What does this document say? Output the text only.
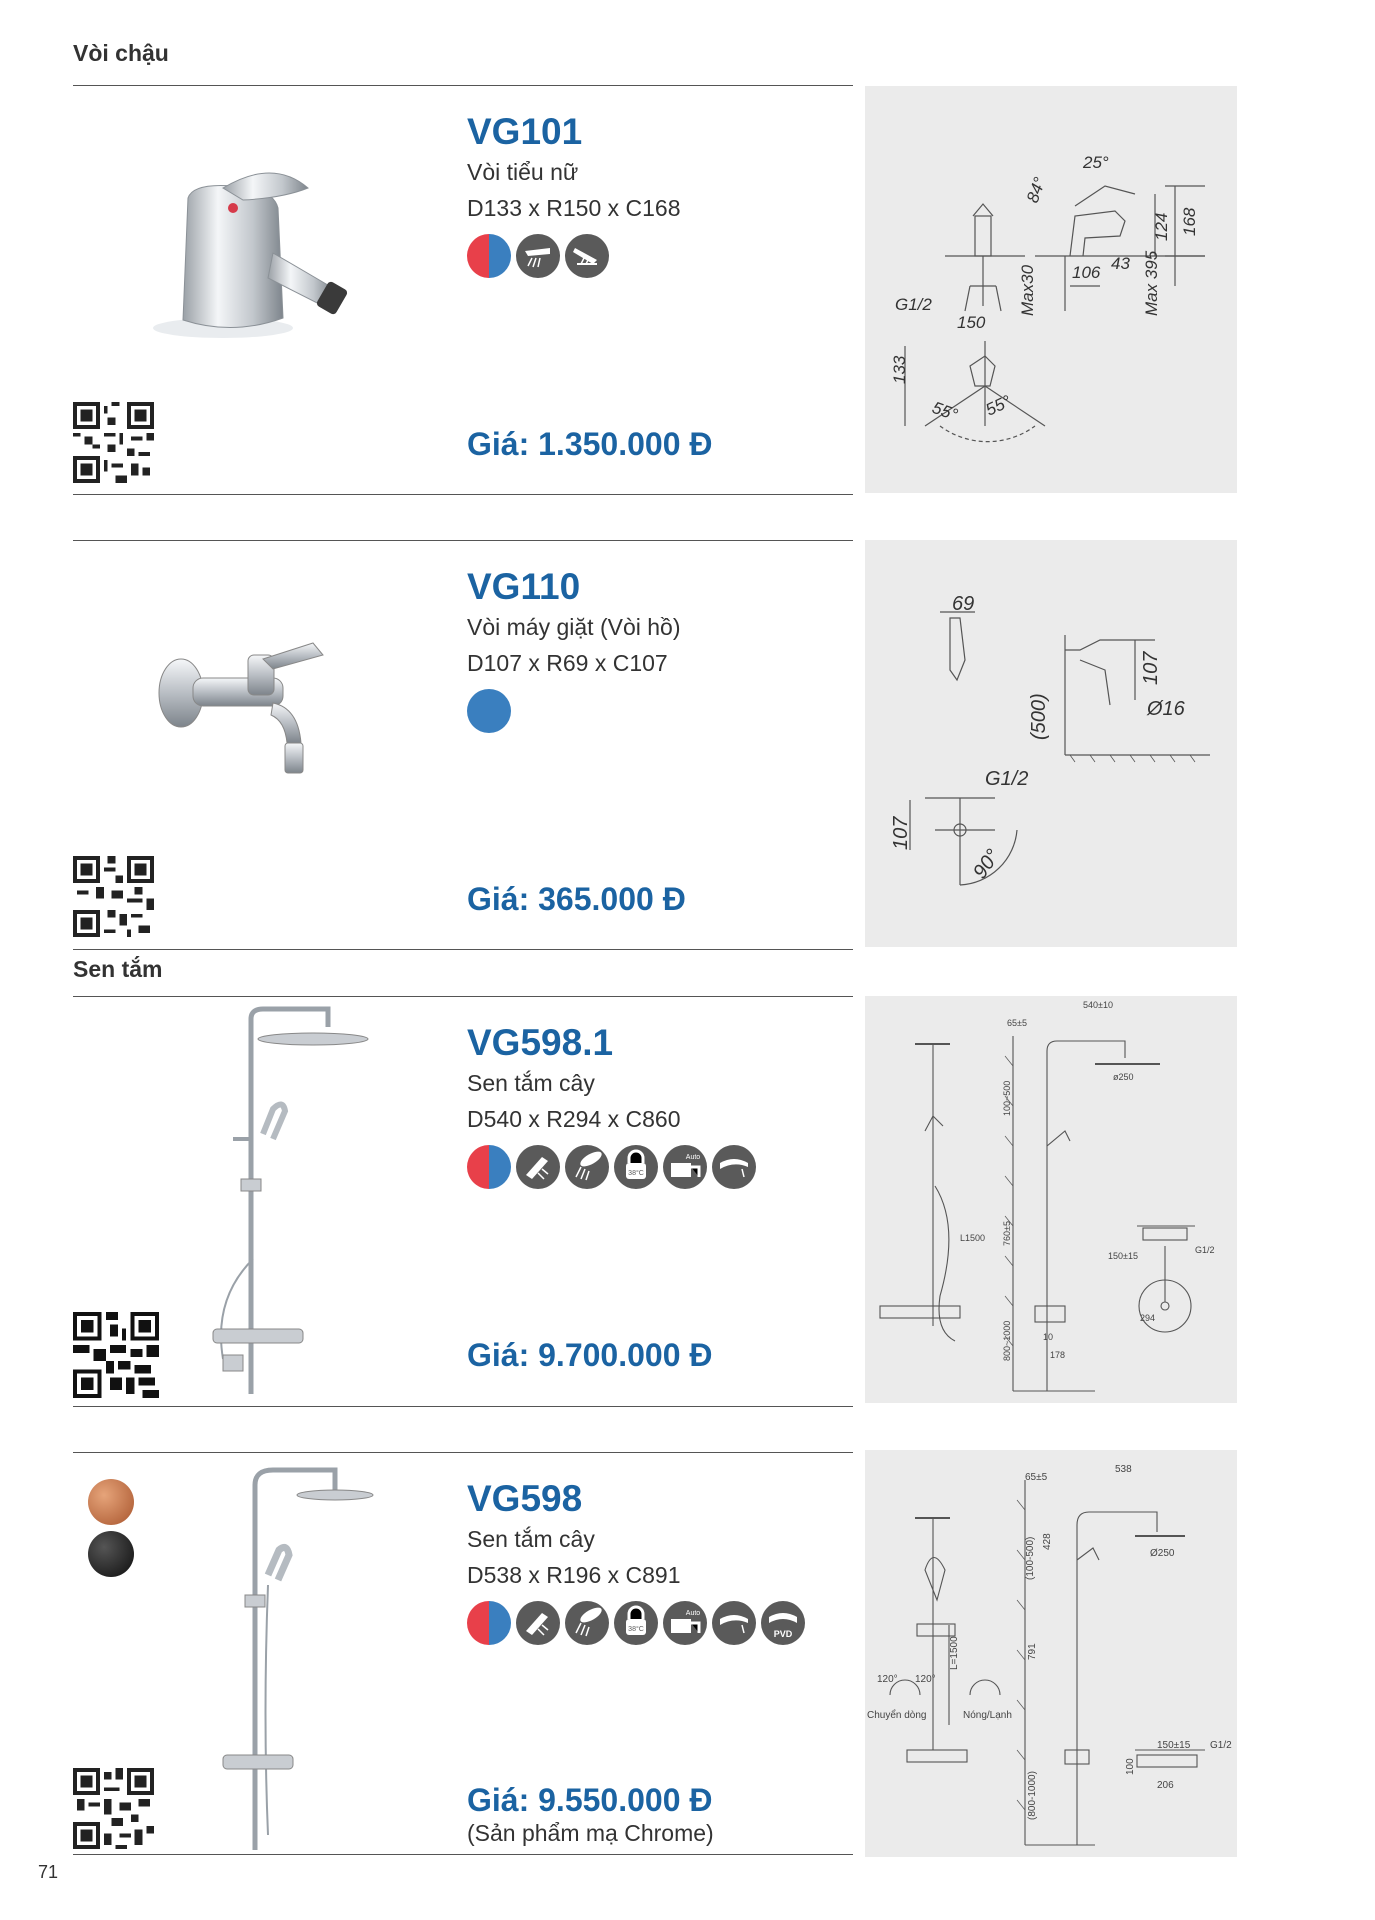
Vòi chậu
VG101
Vòi tiểu nữ
D133 x R150 x C168
Giá: 1.350.000 Đ
25°
84°
124 168
43
106 Max 395
Max30
G1/2
150
133
55° 55°
VG110
Vòi máy giặt (Vòi hồ)
D107 x R69 x C107
Giá: 365.000 Đ
69
107
Ø16
(500)
G1/2
107
90°
Sen tắm
VG598.1
Sen tắm cây
D540 x R294 x C860
38°C
Auto
Giá: 9.700.000 Đ
540±10
65±5
100~500
ø250
L1500 760±5
150±15
G1/2
294
800~1000	10
178
VG598
Sen tắm cây
D538 x R196 x C891
38°C
Auto
PVD
Giá: 9.550.000 Đ
(Sản phẩm mạ Chrome)
538
65±5
(100-500) 428
Ø250
L=1500	791
120° 120°
Chuyển dòng	Nóng/Lạnh
(800-1000)
150±15 G1/2
100
206
71
